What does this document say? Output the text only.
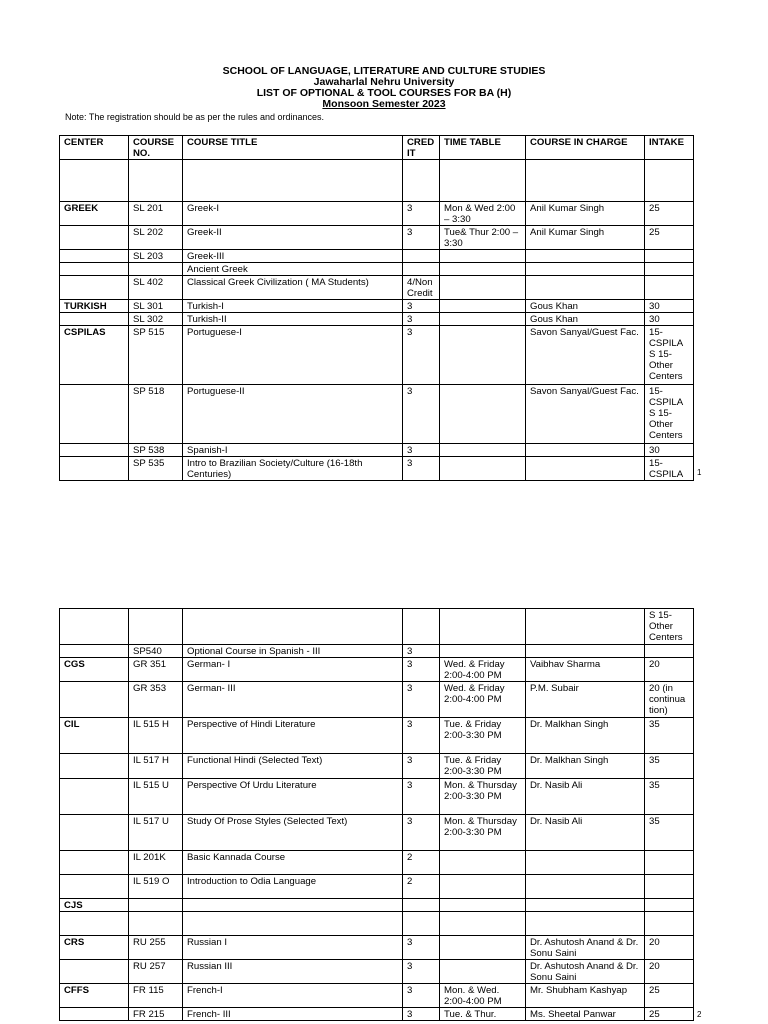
SCHOOL OF LANGUAGE, LITERATURE AND CULTURE STUDIES
Jawaharlal Nehru University
LIST OF OPTIONAL & TOOL COURSES FOR BA (H)
Monsoon Semester 2023
Note: The registration should be as per the rules and ordinances.
CENTER	COURSE NO.	COURSE TITLE	CRED IT	TIME TABLE	COURSE IN CHARGE	INTAKE

GREEK	SL 201	Greek-I	3	Mon & Wed 2:00 – 3:30	Anil Kumar Singh	25
	SL 202	Greek-II	3	Tue& Thur 2:00 – 3:30	Anil Kumar Singh	25
	SL 203	Greek-III				
		Ancient Greek				
	SL 402	Classical Greek Civilization ( MA Students)	4/Non Credit			
TURKISH	SL 301	Turkish-I	3		Gous Khan	30
	SL 302	Turkish-II	3		Gous Khan	30
CSPILAS	SP 515	Portuguese-I	3		Savon Sanyal/Guest Fac.	15- CSPILA S 15-Other Centers
	SP 518	Portuguese-II	3		Savon Sanyal/Guest Fac.	15- CSPILA S 15-Other Centers
	SP 538	Spanish-I	3			30
	SP 535	Intro to Brazilian Society/Culture (16-18th Centuries)	3			15- CSPILA 1
						S 15-Other Centers
	SP540	Optional Course in Spanish - III	3			
CGS	GR 351	German- I	3	Wed. & Friday 2:00-4:00 PM	Vaibhav Sharma	20
	GR 353	German- III	3	Wed. & Friday 2:00-4:00 PM	P.M. Subair	20 (in continua tion)
CIL	IL 515 H	Perspective of Hindi Literature	3	Tue. & Friday 2:00-3:30 PM	Dr. Malkhan Singh	35
	IL 517 H	Functional Hindi (Selected Text)	3	Tue. & Friday 2:00-3:30 PM	Dr. Malkhan Singh	35
	IL 515 U	Perspective Of Urdu Literature	3	Mon. & Thursday 2:00-3:30 PM	Dr. Nasib Ali	35
	IL 517 U	Study Of Prose Styles (Selected Text)	3	Mon. & Thursday 2:00-3:30 PM	Dr. Nasib Ali	35
	IL 201K	Basic Kannada Course	2			
	IL 519 O	Introduction to Odia Language	2			
CJS						

CRS	RU 255	Russian I	3		Dr. Ashutosh Anand & Dr. Sonu Saini	20
	RU 257	Russian III	3		Dr. Ashutosh Anand & Dr. Sonu Saini	20
CFFS	FR 115	French-I	3	Mon. & Wed. 2:00-4:00 PM	Mr. Shubham Kashyap	25
	FR 215	French- III	3	Tue. & Thur.	Ms. Sheetal Panwar	25	2
